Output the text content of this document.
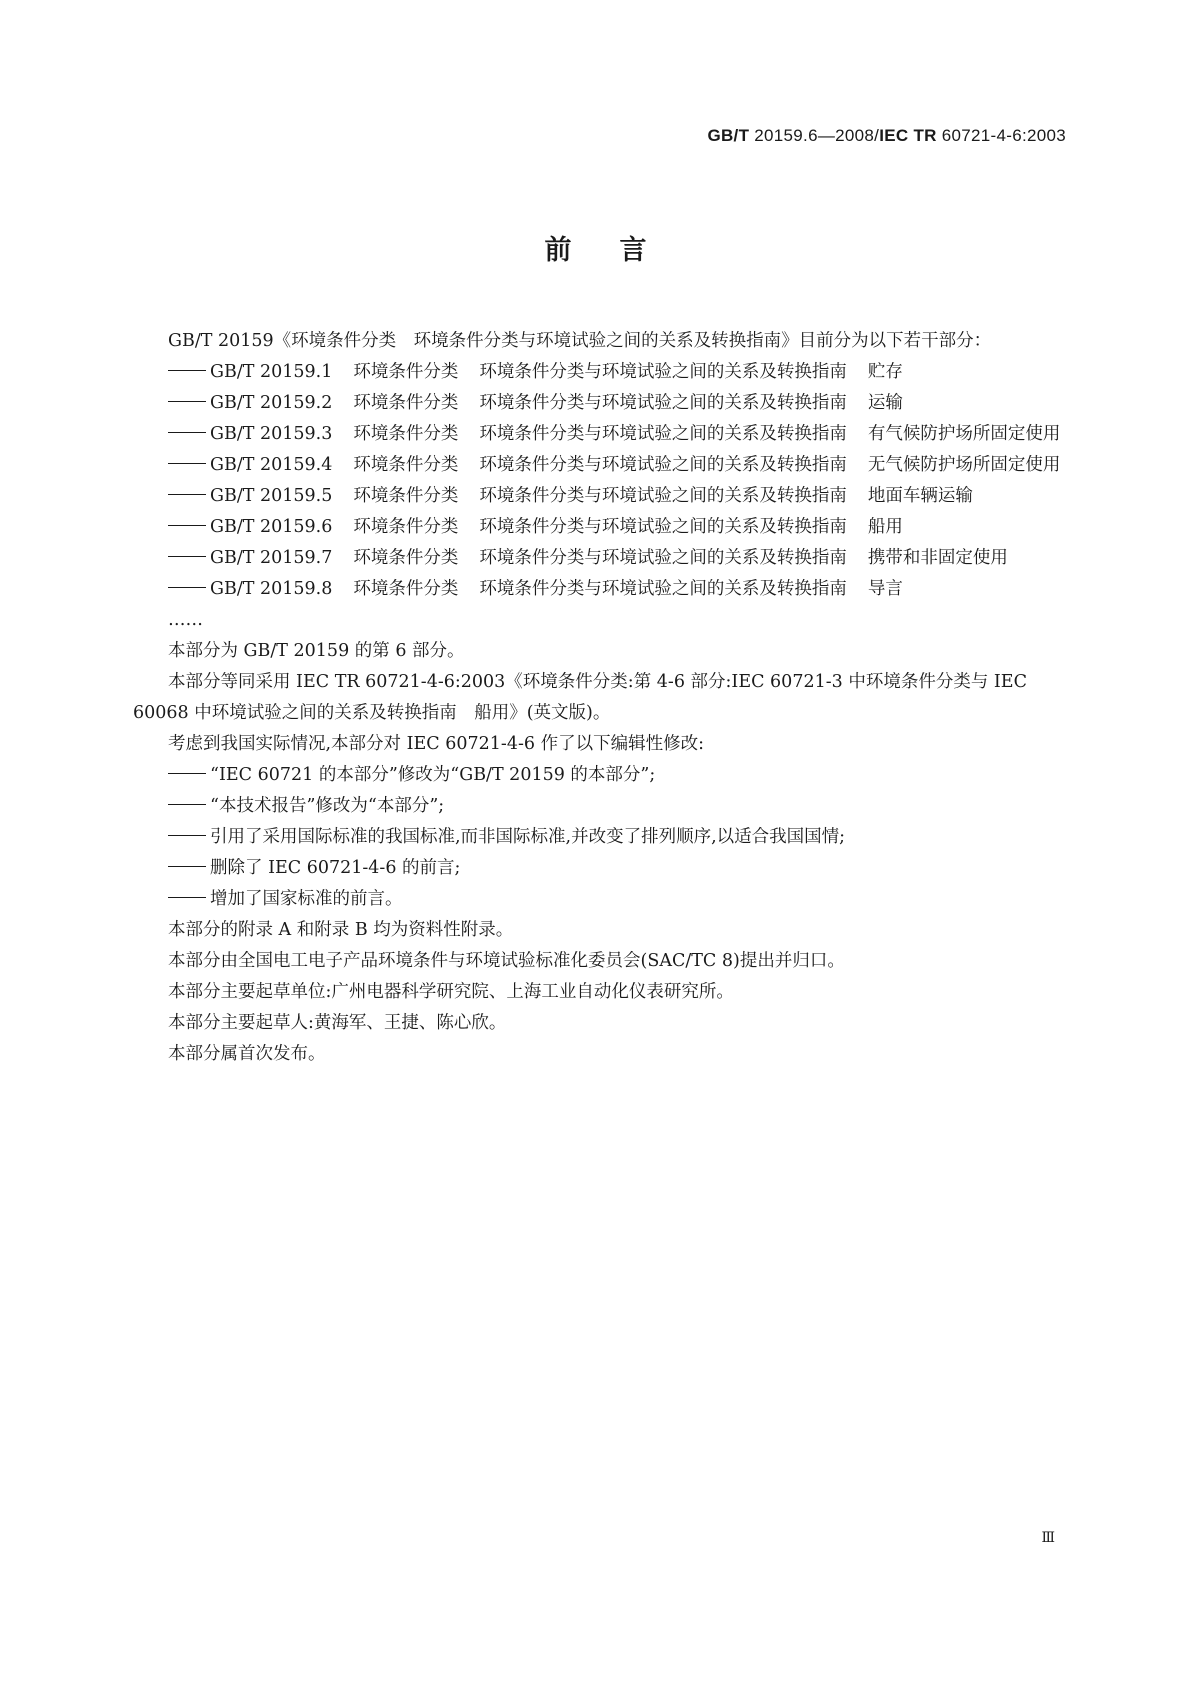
GB/T 20159.6—2008/IEC TR 60721-4-6:2003
前言

GB/T 20159《环境条件分类　环境条件分类与环境试验之间的关系及转换指南》目前分为以下若干部分：

GB/T 20159.1 环境条件分类 环境条件分类与环境试验之间的关系及转换指南 贮存

GB/T 20159.2 环境条件分类 环境条件分类与环境试验之间的关系及转换指南 运输

GB/T 20159.3 环境条件分类 环境条件分类与环境试验之间的关系及转换指南 有气候防护场所固定使用

GB/T 20159.4 环境条件分类 环境条件分类与环境试验之间的关系及转换指南 无气候防护场所固定使用

GB/T 20159.5 环境条件分类 环境条件分类与环境试验之间的关系及转换指南 地面车辆运输

GB/T 20159.6 环境条件分类 环境条件分类与环境试验之间的关系及转换指南 船用

GB/T 20159.7 环境条件分类 环境条件分类与环境试验之间的关系及转换指南 携带和非固定使用

GB/T 20159.8 环境条件分类 环境条件分类与环境试验之间的关系及转换指南 导言

……

本部分为 GB/T 20159 的第 6 部分。

本部分等同采用 IEC TR 60721-4-6:2003《环境条件分类:第 4-6 部分:IEC 60721-3 中环境条件分类与 IEC 60068 中环境试验之间的关系及转换指南　船用》(英文版)。

考虑到我国实际情况,本部分对 IEC 60721-4-6 作了以下编辑性修改:

“IEC 60721 的本部分”修改为“GB/T 20159 的本部分”;

“本技术报告”修改为“本部分”;

引用了采用国际标准的我国标准,而非国际标准,并改变了排列顺序,以适合我国国情;

删除了 IEC 60721-4-6 的前言;

增加了国家标准的前言。

本部分的附录 A 和附录 B 均为资料性附录。

本部分由全国电工电子产品环境条件与环境试验标准化委员会(SAC/TC 8)提出并归口。

本部分主要起草单位:广州电器科学研究院、上海工业自动化仪表研究所。

本部分主要起草人:黄海军、王捷、陈心欣。

本部分属首次发布。

Ⅲ
